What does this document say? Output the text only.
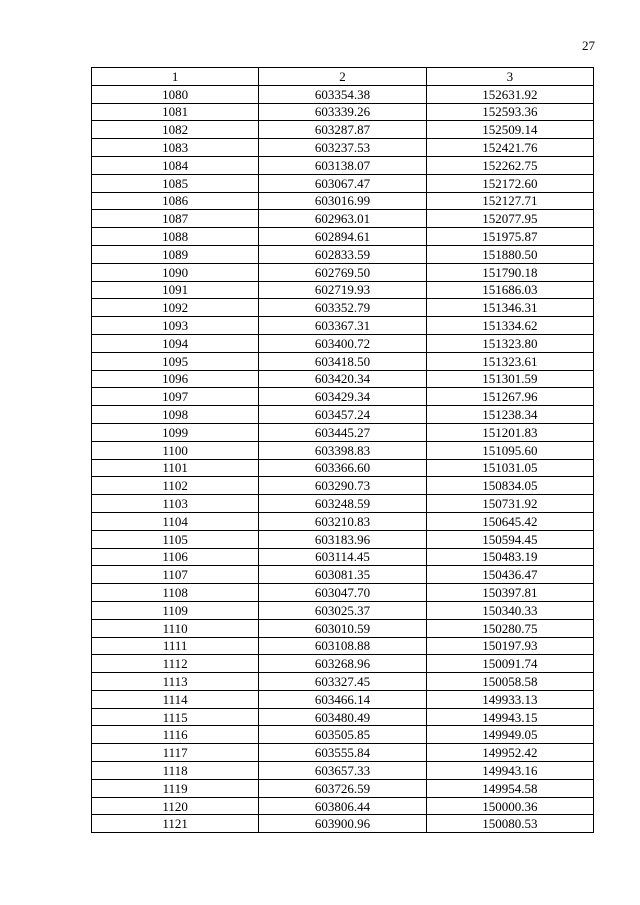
27
1	2	3
1080	603354.38	152631.92
1081	603339.26	152593.36
1082	603287.87	152509.14
1083	603237.53	152421.76
1084	603138.07	152262.75
1085	603067.47	152172.60
1086	603016.99	152127.71
1087	602963.01	152077.95
1088	602894.61	151975.87
1089	602833.59	151880.50
1090	602769.50	151790.18
1091	602719.93	151686.03
1092	603352.79	151346.31
1093	603367.31	151334.62
1094	603400.72	151323.80
1095	603418.50	151323.61
1096	603420.34	151301.59
1097	603429.34	151267.96
1098	603457.24	151238.34
1099	603445.27	151201.83
1100	603398.83	151095.60
1101	603366.60	151031.05
1102	603290.73	150834.05
1103	603248.59	150731.92
1104	603210.83	150645.42
1105	603183.96	150594.45
1106	603114.45	150483.19
1107	603081.35	150436.47
1108	603047.70	150397.81
1109	603025.37	150340.33
1110	603010.59	150280.75
1111	603108.88	150197.93
1112	603268.96	150091.74
1113	603327.45	150058.58
1114	603466.14	149933.13
1115	603480.49	149943.15
1116	603505.85	149949.05
1117	603555.84	149952.42
1118	603657.33	149943.16
1119	603726.59	149954.58
1120	603806.44	150000.36
1121	603900.96	150080.53
